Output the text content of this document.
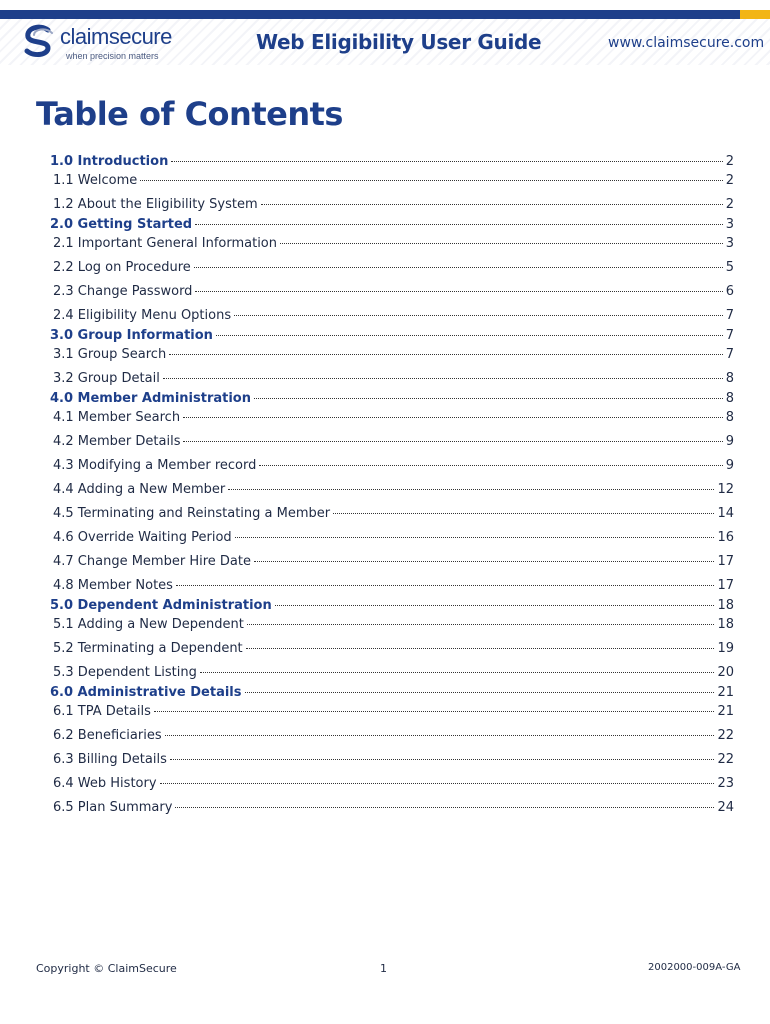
claimsecure
when precision matters
Web Eligibility User Guide	www.claimsecure.com
Table of Contents
1.0 Introduction	2
1.1 Welcome	2
1.2 About the Eligibility System	2
2.0 Getting Started	3
2.1 Important General Information	3
2.2 Log on Procedure	5
2.3 Change Password	6
2.4 Eligibility Menu Options	7
3.0 Group Information	7
3.1 Group Search	7
3.2 Group Detail	8
4.0 Member Administration	8
4.1 Member Search	8
4.2 Member Details	9
4.3 Modifying a Member record	9
4.4 Adding a New Member	12
4.5 Terminating and Reinstating a Member	14
4.6 Override Waiting Period	16
4.7 Change Member Hire Date	17
4.8 Member Notes	17
5.0 Dependent Administration	18
5.1 Adding a New Dependent	18
5.2 Terminating a Dependent	19
5.3 Dependent Listing	20
6.0 Administrative Details	21
6.1 TPA Details	21
6.2 Beneficiaries	22
6.3 Billing Details	22
6.4 Web History	23
6.5 Plan Summary	24
Copyright © ClaimSecure	1	2002000-009A-GA
